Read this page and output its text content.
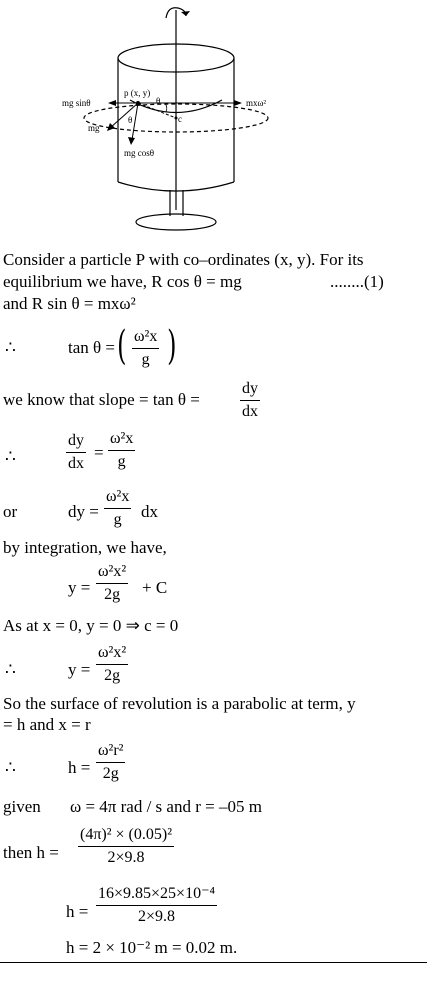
p (x, y)
mg sinθ
mg
mg cosθ
mxω²
θ
θ	c
Consider a particle P with co–ordinates (x, y). For its
equilibrium we have, R cos θ = mg	........(1)
and R sin θ = mxω²
∴	tan θ = ( $\frac{\text{ω²x}}{g}$ )
we know that slope = tan θ =	$\frac{dy}{dx}$
∴	$\frac{dy}{dx} = \frac{\text{ω²x}}{g}$
or	dy = $\frac{\text{ω²x}}{g}$ dx
by integration, we have,
$y = \frac{\text{ω²x²}}{2g} + C$
As at x = 0, y = 0 ⇒ c = 0
∴	$y = \frac{\text{ω²x²}}{2g}$
So the surface of revolution is a parabolic at term, y
= h and x = r
∴	$h = \frac{\text{ω²r²}}{2g}$
given ω = 4π rad / s and r = –05 m
then $h = \frac{\text{(4π)² × (0.05)²}}{2\times 9.8}$
$h = \frac{\text{16×9.85×25×10⁻⁴}}{2\times 9.8}$
h = 2 × 10⁻² m = 0.02 m.
